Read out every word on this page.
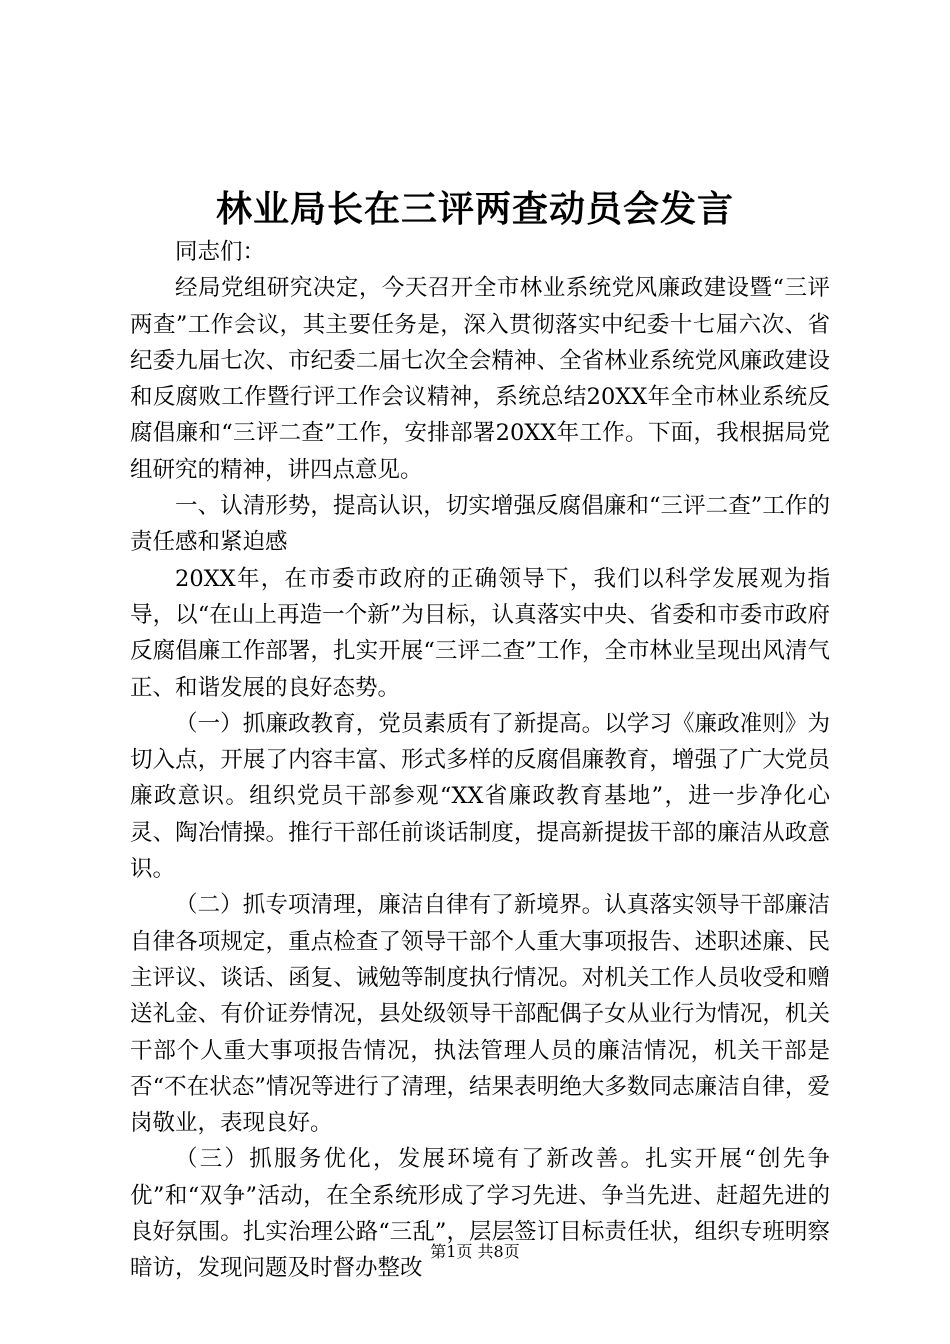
林业局长在三评两查动员会发言

同志们：

经局党组研究决定，今天召开全市林业系统党风廉政建设暨“三评两查”工作会议，其主要任务是，深入贯彻落实中纪委十七届六次、省纪委九届七次、市纪委二届七次全会精神、全省林业系统党风廉政建设和反腐败工作暨行评工作会议精神，系统总结20XX年全市林业系统反腐倡廉和“三评二查”工作，安排部署20XX年工作。下面，我根据局党组研究的精神，讲四点意见。

一、认清形势，提高认识，切实增强反腐倡廉和“三评二查”工作的责任感和紧迫感

20XX年，在市委市政府的正确领导下，我们以科学发展观为指导，以“在山上再造一个新”为目标，认真落实中央、省委和市委市政府反腐倡廉工作部署，扎实开展“三评二查”工作，全市林业呈现出风清气正、和谐发展的良好态势。

（一）抓廉政教育，党员素质有了新提高。以学习《廉政准则》为切入点，开展了内容丰富、形式多样的反腐倡廉教育，增强了广大党员廉政意识。组织党员干部参观“XX省廉政教育基地”，进一步净化心灵、陶冶情操。推行干部任前谈话制度，提高新提拔干部的廉洁从政意识。

（二）抓专项清理，廉洁自律有了新境界。认真落实领导干部廉洁自律各项规定，重点检查了领导干部个人重大事项报告、述职述廉、民主评议、谈话、函复、诫勉等制度执行情况。对机关工作人员收受和赠送礼金、有价证券情况，县处级领导干部配偶子女从业行为情况，机关干部个人重大事项报告情况，执法管理人员的廉洁情况，机关干部是否“不在状态”情况等进行了清理，结果表明绝大多数同志廉洁自律，爱岗敬业，表现良好。

（三）抓服务优化，发展环境有了新改善。扎实开展“创先争优”和“双争”活动，在全系统形成了学习先进、争当先进、赶超先进的良好氛围。扎实治理公路“三乱”，层层签订目标责任状，组织专班明察暗访，发现问题及时督办整改

第1页 共8页
